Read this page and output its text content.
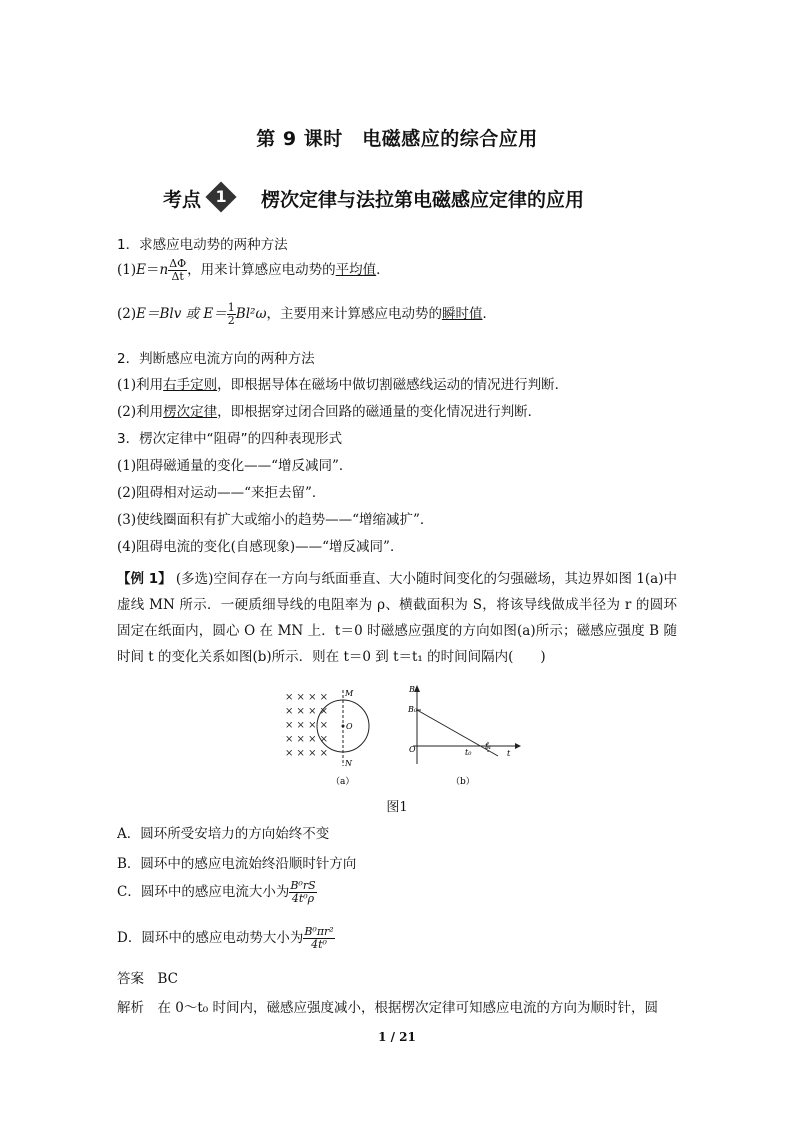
第 9 课时　电磁感应的综合应用
考点 1	楞次定律与法拉第电磁感应定律的应用
1．求感应电动势的两种方法
$(1)E=n \frac{\Delta\Phi}{\Delta t}$ ，用来计算感应电动势的平均值．
(2)E＝Blv 或 $E= \frac{1}{2} Bl^2\omega$，主要用来计算感应电动势的瞬时值．
2．判断感应电流方向的两种方法
(1)利用右手定则，即根据导体在磁场中做切割磁感线运动的情况进行判断．
(2)利用楞次定律，即根据穿过闭合回路的磁通量的变化情况进行判断．
3．楞次定律中“阻碍”的四种表现形式
(1)阻碍磁通量的变化——“增反减同”．
(2)阻碍相对运动——“来拒去留”．
(3)使线圈面积有扩大或缩小的趋势——“增缩减扩”．
(4)阻碍电流的变化(自感现象)——“增反减同”．
【例 1】 (多选)空间存在一方向与纸面垂直、大小随时间变化的匀强磁场，其边界如图 1(a)中虚线 MN 所示．一硬质细导线的电阻率为 ρ、横截面积为 S，将该导线做成半径为 r 的圆环固定在纸面内，圆心 O 在 MN 上．t＝0 时磁感应强度的方向如图(a)所示；磁感应强度 B 随时间 t 的变化关系如图(b)所示．则在 t＝0 到 t＝t₁ 的时间间隔内(　　)
× × × ×
× × × ×
× × × ×
× × × ×
× × × ×
M
N
O
（a）
B
B₀
O	t₀
t₁
t
（b）
图1
A．圆环所受安培力的方向始终不变
B．圆环中的感应电流始终沿顺时针方向
C．圆环中的感应电流大小为 $\frac{\text{B⁰rS}}{\text{4t⁰ρ}}$
D．圆环中的感应电动势大小为 $\frac{\text{B⁰πr²}}{\text{4t⁰}}$
答案　 BC
解析　 在 0～t₀ 时间内，磁感应强度减小，根据楞次定律可知感应电流的方向为顺时针，圆
1 / 21
